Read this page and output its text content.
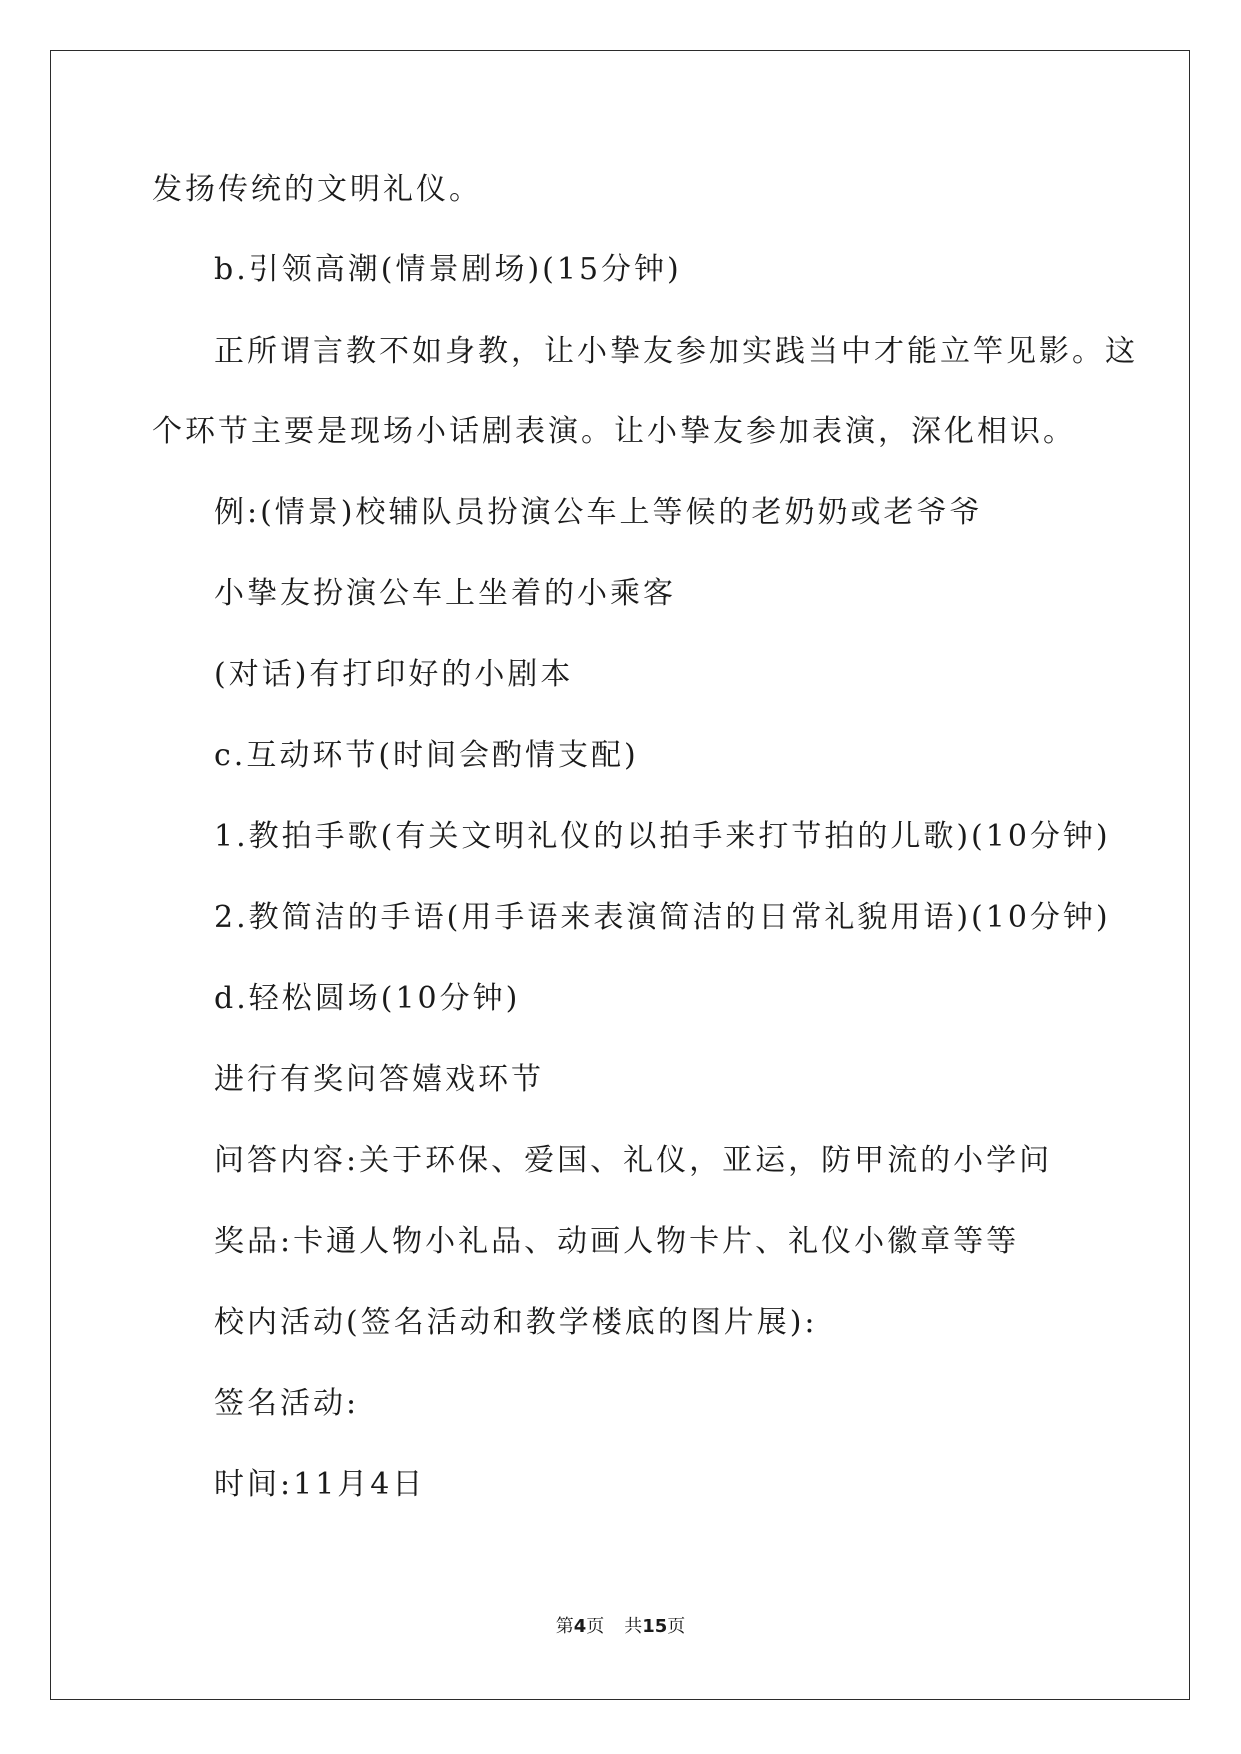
发扬传统的文明礼仪。
b.引领高潮(情景剧场)(15分钟)
正所谓言教不如身教，让小挚友参加实践当中才能立竿见影。这
个环节主要是现场小话剧表演。让小挚友参加表演，深化相识。
例:(情景)校辅队员扮演公车上等候的老奶奶或老爷爷
小挚友扮演公车上坐着的小乘客
(对话)有打印好的小剧本
c.互动环节(时间会酌情支配)
1.教拍手歌(有关文明礼仪的以拍手来打节拍的儿歌)(10分钟)
2.教简洁的手语(用手语来表演简洁的日常礼貌用语)(10分钟)
d.轻松圆场(10分钟)
进行有奖问答嬉戏环节
问答内容:关于环保、爱国、礼仪，亚运，防甲流的小学问
奖品:卡通人物小礼品、动画人物卡片、礼仪小徽章等等
校内活动(签名活动和教学楼底的图片展):
签名活动:
时间:11月4日
第4页 共15页
